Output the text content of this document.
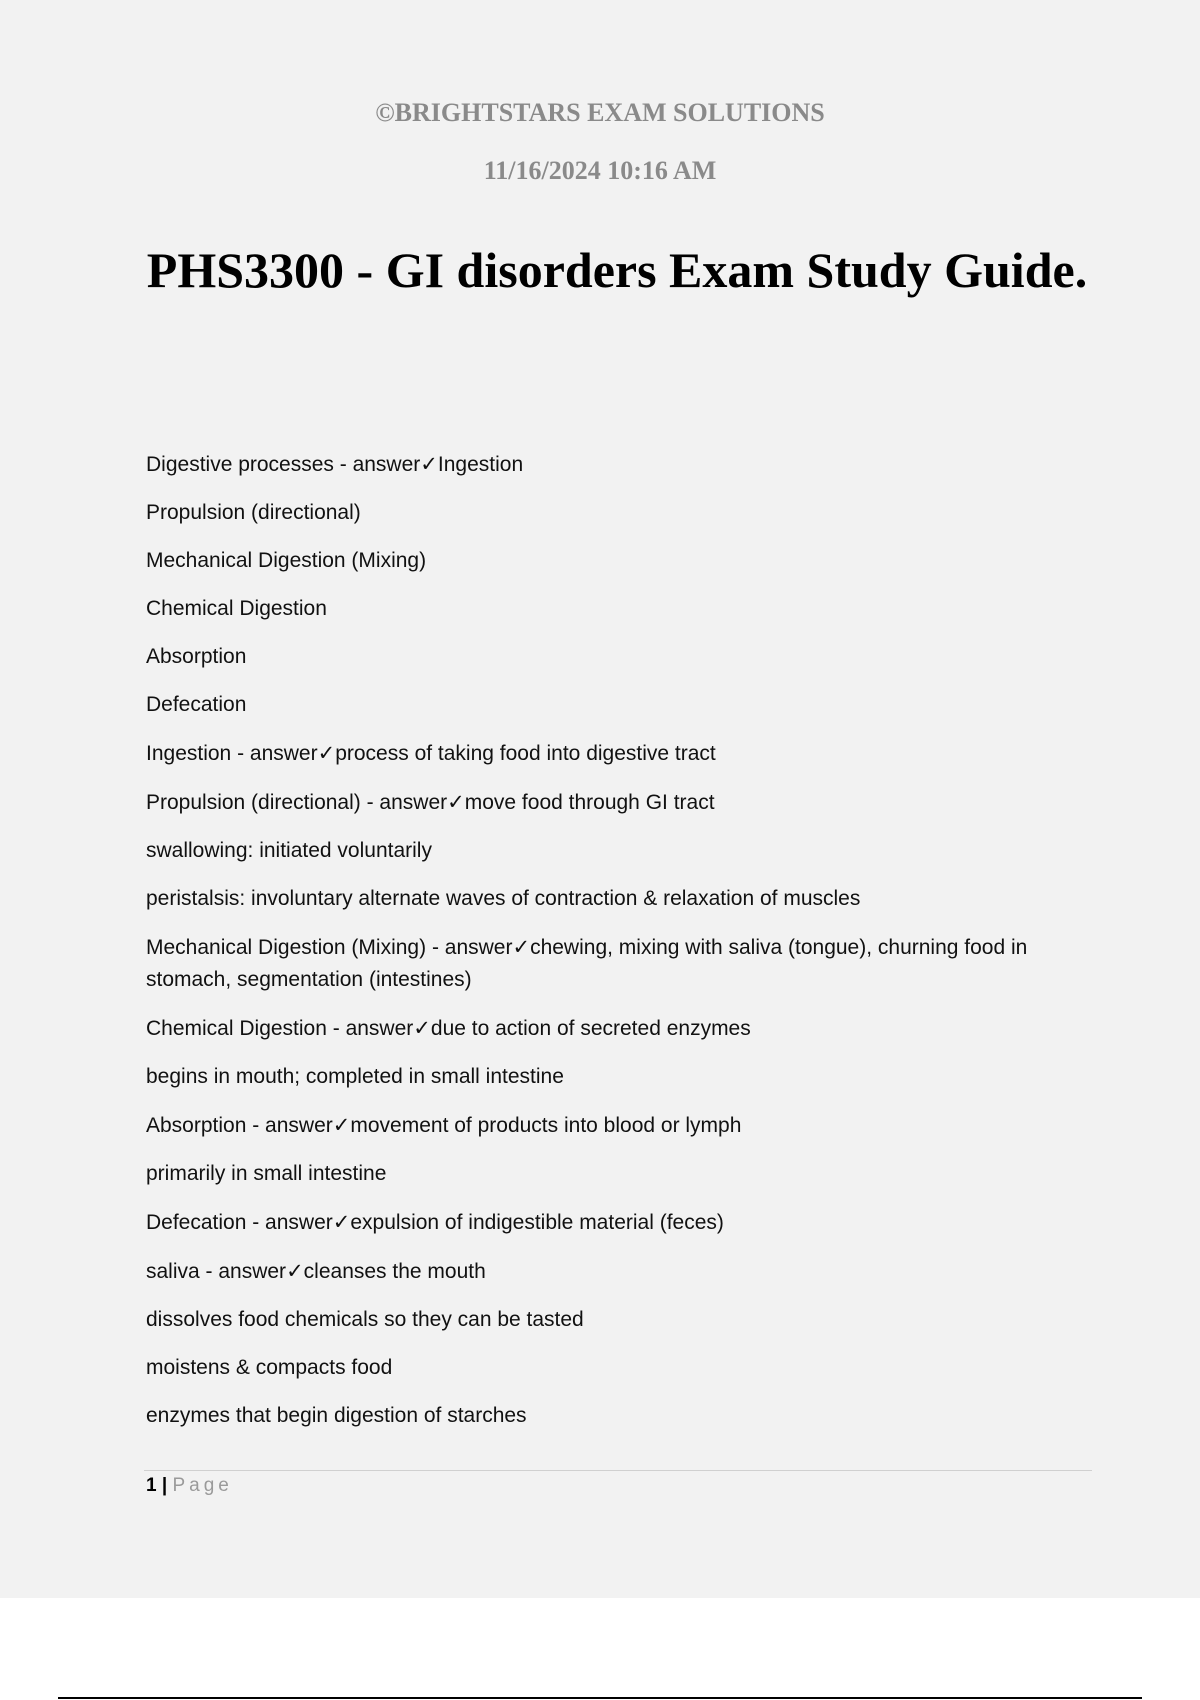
©BRIGHTSTARS EXAM SOLUTIONS

11/16/2024 10:16 AM

PHS3300 - GI disorders Exam Study Guide.

Digestive processes - answer✓Ingestion

Propulsion (directional)

Mechanical Digestion (Mixing)

Chemical Digestion

Absorption

Defecation

Ingestion - answer✓process of taking food into digestive tract

Propulsion (directional) - answer✓move food through GI tract

swallowing: initiated voluntarily

peristalsis: involuntary alternate waves of contraction & relaxation of muscles

Mechanical Digestion (Mixing) - answer✓chewing, mixing with saliva (tongue), churning food in stomach, segmentation (intestines)

Chemical Digestion - answer✓due to action of secreted enzymes

begins in mouth; completed in small intestine

Absorption - answer✓movement of products into blood or lymph

primarily in small intestine

Defecation - answer✓expulsion of indigestible material (feces)

saliva - answer✓cleanses the mouth

dissolves food chemicals so they can be tasted

moistens & compacts food

enzymes that begin digestion of starches

1 | Page
